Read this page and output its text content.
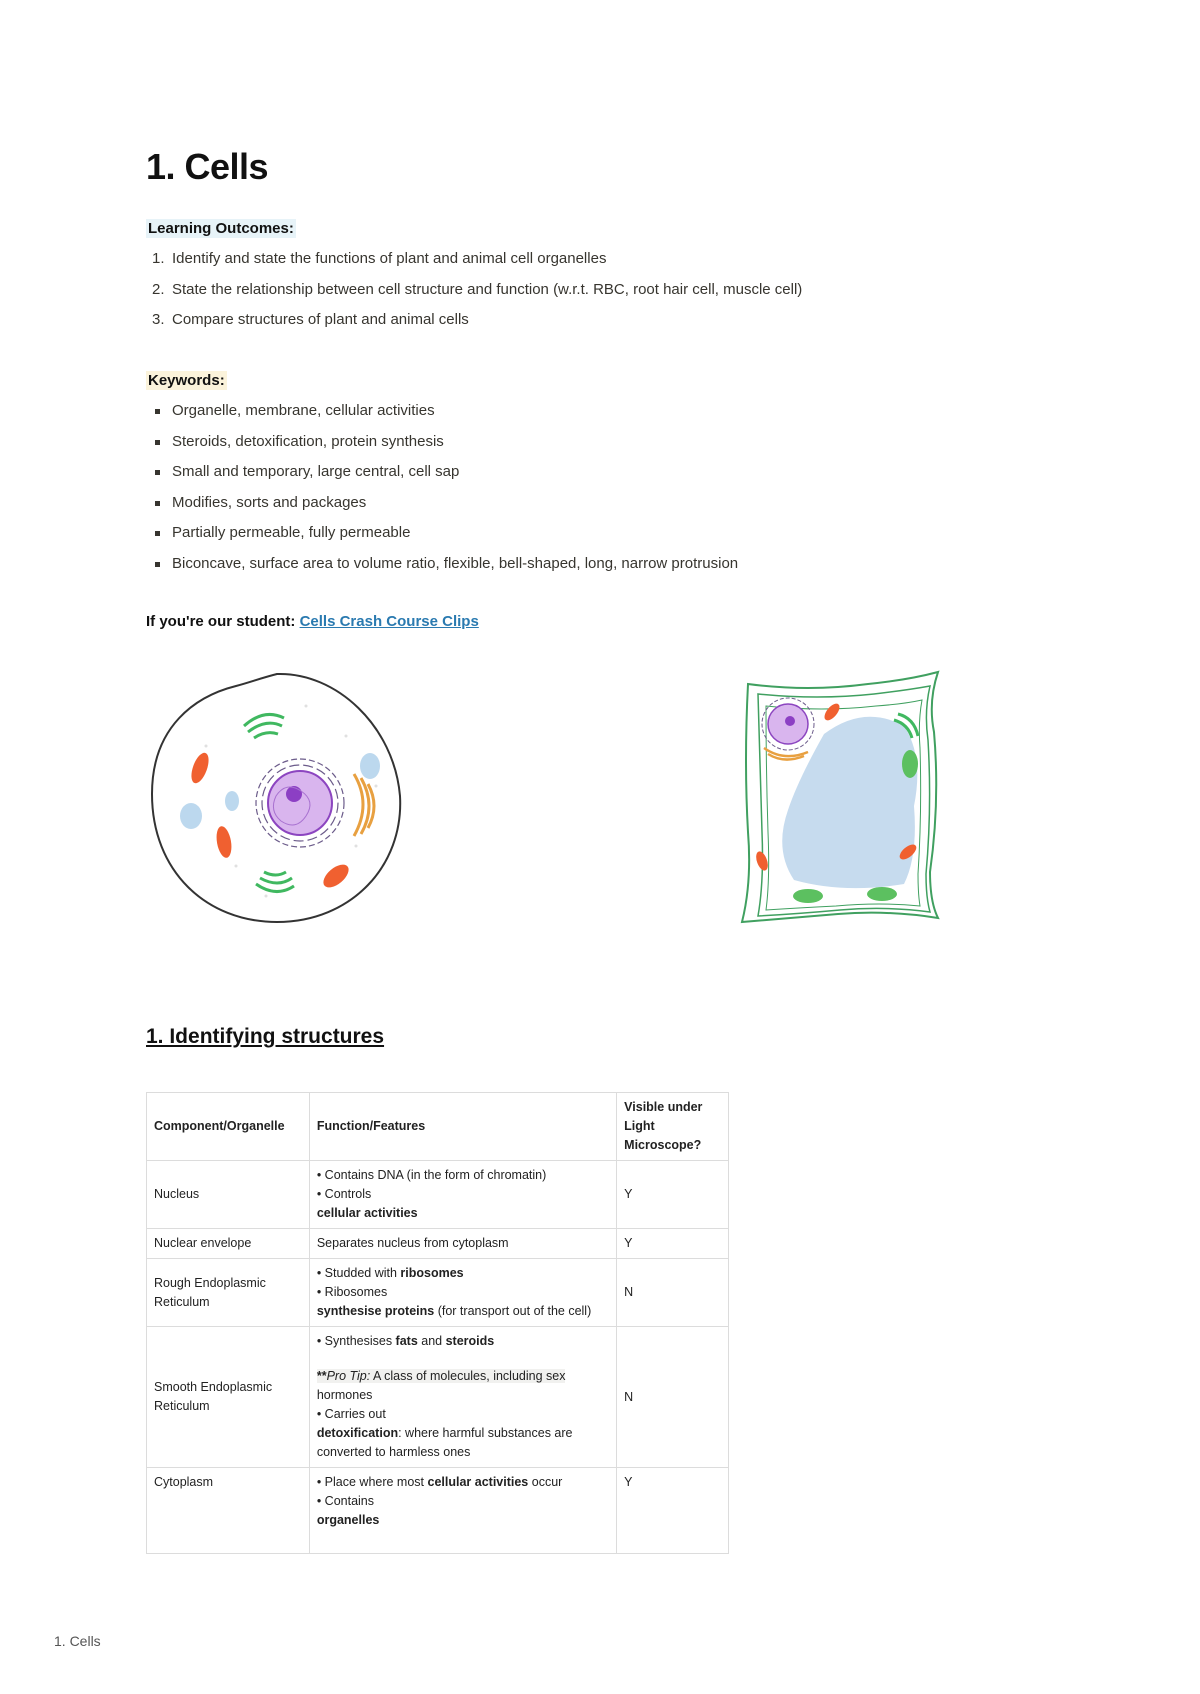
1. Cells
Learning Outcomes:
1. Identify and state the functions of plant and animal cell organelles
2. State the relationship between cell structure and function (w.r.t. RBC, root hair cell, muscle cell)
3. Compare structures of plant and animal cells
Keywords:
Organelle, membrane, cellular activities
Steroids, detoxification, protein synthesis
Small and temporary, large central, cell sap
Modifies, sorts and packages
Partially permeable, fully permeable
Biconcave, surface area to volume ratio, flexible, bell-shaped, long, narrow protrusion
If you're our student: Cells Crash Course Clips
1. Identifying structures
Component/Organelle	Function/Features	Visible under Light Microscope?
Nucleus	• Contains DNA (in the form of chromatin)
• Controls
cellular activities	Y
Nuclear envelope	Separates nucleus from cytoplasm	Y
Rough Endoplasmic Reticulum	• Studded with ribosomes
• Ribosomes
synthesise proteins (for transport out of the cell)	N
Smooth Endoplasmic Reticulum	• Synthesises fats and steroids
**Pro Tip: A class of molecules, including sex
hormones
• Carries out
detoxification: where harmful substances are converted to harmless ones	N
Cytoplasm	• Place where most cellular activities occur
• Contains
organelles	Y
1. Cells
